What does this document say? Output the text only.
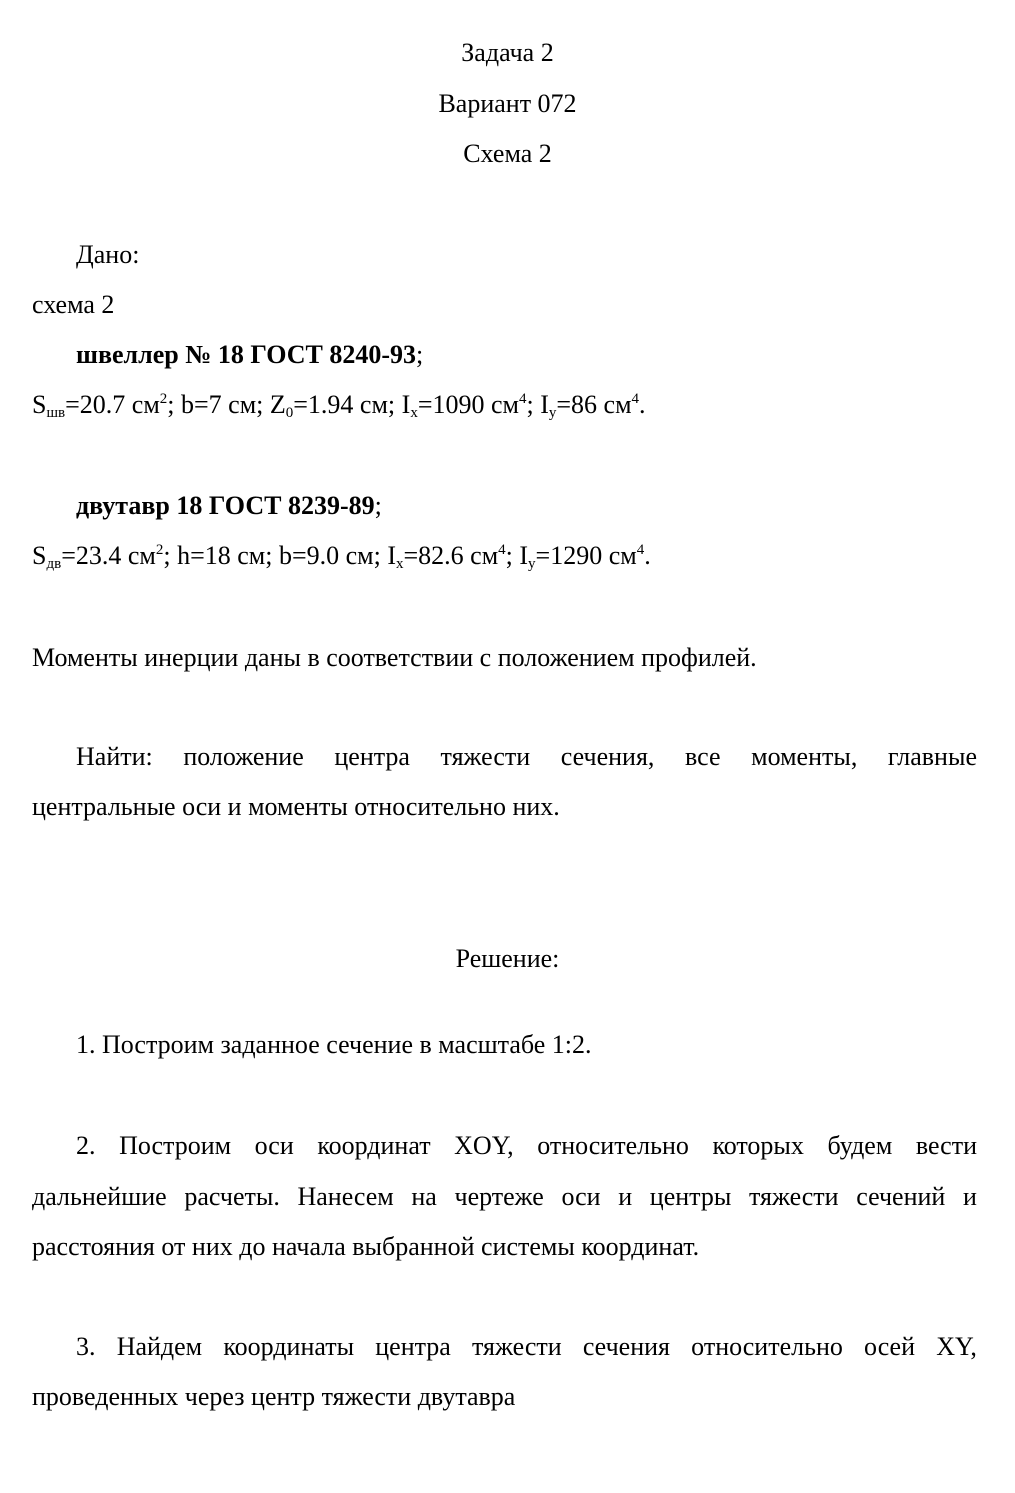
Задача 2
Вариант 072
Схема 2
Дано:
схема 2
швеллер № 18 ГОСТ 8240-93;
$S_{шв}=20.7$ $см^2$; b=7 см; $Z_0=1.94$ см; $I_x=1090$ $см^4$; $I_y=86$ $см^4$.
двутавр 18 ГОСТ 8239-89;
$S_{дв}=23.4$ $см^2$; h=18 см; b=9.0 см; $I_x=82.6$ $см^4$; $I_y=1290$ $см^4$.
Моменты инерции даны в соответствии с положением профилей.
Найти: положение центра тяжести сечения, все моменты, главные
центральные оси и моменты относительно них.
Решение:
1. Построим заданное сечение в масштабе 1:2.
2. Построим оси координат XOY, относительно которых будем вести
дальнейшие расчеты. Нанесем на чертеже оси и центры тяжести сечений и
расстояния от них до начала выбранной системы координат.
3. Найдем координаты центра тяжести сечения относительно осей XY,
проведенных через центр тяжести двутавра
